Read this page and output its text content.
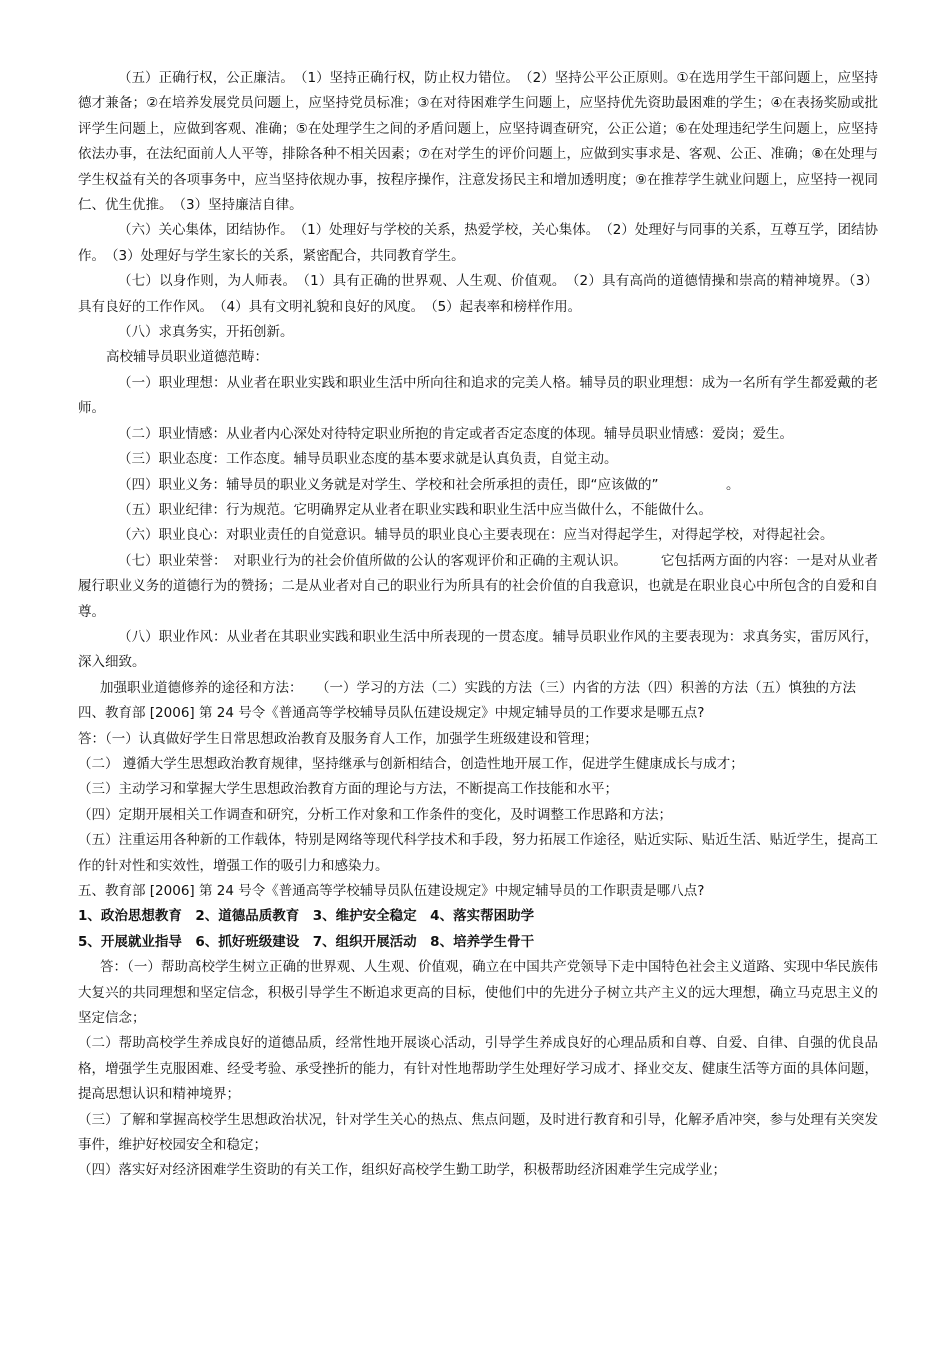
（五）正确行权，公正廉洁。　（1）坚持正确行权，防止权力错位。　（2）坚持公平公正原则。①在选用学生干部问题上，应坚持德才兼备；②在培养发展党员问题上，应坚持党员标准；③在对待困难学生问题上，应坚持优先资助最困难的学生；④在表扬奖励或批评学生问题上，应做到客观、准确；⑤在处理学生之间的矛盾问题上，应坚持调查研究，公正公道；⑥在处理违纪学生问题上，应坚持依法办事，在法纪面前人人平等，排除各种不相关因素；⑦在对学生的评价问题上，应做到实事求是、客观、公正、准确；⑧在处理与学生权益有关的各项事务中，应当坚持依规办事，按程序操作，注意发扬民主和增加透明度；⑨在推荐学生就业问题上，应坚持一视同仁、优生优推。　（3）坚持廉洁自律。

（六）关心集体，团结协作。　（1）处理好与学校的关系，热爱学校，关心集体。　（2）处理好与同事的关系，互尊互学，团结协作。　（3）处理好与学生家长的关系，紧密配合，共同教育学生。

（七）以身作则，为人师表。　（1）具有正确的世界观、人生观、价值观。　（2）具有高尚的道德情操和崇高的精神境界。（3）具有良好的工作作风。　（4）具有文明礼貌和良好的风度。　（5）起表率和榜样作用。

（八）求真务实，开拓创新。

高校辅导员职业道德范畴：

（一）职业理想：从业者在职业实践和职业生活中所向往和追求的完美人格。辅导员的职业理想：成为一名所有学生都爱戴的老师。

（二）职业情感：从业者内心深处对待特定职业所抱的肯定或者否定态度的体现。辅导员职业情感：爱岗；爱生。

（三）职业态度：工作态度。辅导员职业态度的基本要求就是认真负责，自觉主动。

（四）职业义务：辅导员的职业义务就是对学生、学校和社会所承担的责任，即“应该做的”　　　　　。

（五）职业纪律：行为规范。它明确界定从业者在职业实践和职业生活中应当做什么，不能做什么。

（六）职业良心：对职业责任的自觉意识。辅导员的职业良心主要表现在：应当对得起学生，对得起学校，对得起社会。

（七）职业荣誉：　对职业行为的社会价值所做的公认的客观评价和正确的主观认识。　　　它包括两方面的内容：一是对从业者履行职业义务的道德行为的赞扬；二是从业者对自己的职业行为所具有的社会价值的自我意识，也就是在职业良心中所包含的自爱和自尊。

（八）职业作风：从业者在其职业实践和职业生活中所表现的一贯态度。辅导员职业作风的主要表现为：求真务实，雷厉风行，深入细致。

加强职业道德修养的途径和方法：　　（一）学习的方法（二）实践的方法（三）内省的方法（四）积善的方法（五）慎独的方法

四、教育部 [2006] 第 24 号令《普通高等学校辅导员队伍建设规定》中规定辅导员的工作要求是哪五点?

答：（一）认真做好学生日常思想政治教育及服务育人工作，加强学生班级建设和管理；

（二） 遵循大学生思想政治教育规律，坚持继承与创新相结合，创造性地开展工作，促进学生健康成长与成才；

（三）主动学习和掌握大学生思想政治教育方面的理论与方法，不断提高工作技能和水平；

（四）定期开展相关工作调查和研究，分析工作对象和工作条件的变化，及时调整工作思路和方法；

（五）注重运用各种新的工作载体，特别是网络等现代科学技术和手段，努力拓展工作途径，贴近实际、贴近生活、贴近学生，提高工作的针对性和实效性，增强工作的吸引力和感染力。

五、教育部 [2006] 第 24 号令《普通高等学校辅导员队伍建设规定》中规定辅导员的工作职责是哪八点?

1、政治思想教育　2、道德品质教育　3、维护安全稳定　4、落实帮困助学

5、开展就业指导　6、抓好班级建设　7、组织开展活动　8、培养学生骨干

答：（一）帮助高校学生树立正确的世界观、人生观、价值观，确立在中国共产党领导下走中国特色社会主义道路、实现中华民族伟大复兴的共同理想和坚定信念，积极引导学生不断追求更高的目标，使他们中的先进分子树立共产主义的远大理想，确立马克思主义的坚定信念；

（二）帮助高校学生养成良好的道德品质，经常性地开展谈心活动，引导学生养成良好的心理品质和自尊、自爱、自律、自强的优良品格，增强学生克服困难、经受考验、承受挫折的能力，有针对性地帮助学生处理好学习成才、择业交友、健康生活等方面的具体问题，提高思想认识和精神境界；

（三）了解和掌握高校学生思想政治状况，针对学生关心的热点、焦点问题，及时进行教育和引导，化解矛盾冲突，参与处理有关突发事件，维护好校园安全和稳定；

（四）落实好对经济困难学生资助的有关工作，组织好高校学生勤工助学，积极帮助经济困难学生完成学业；
